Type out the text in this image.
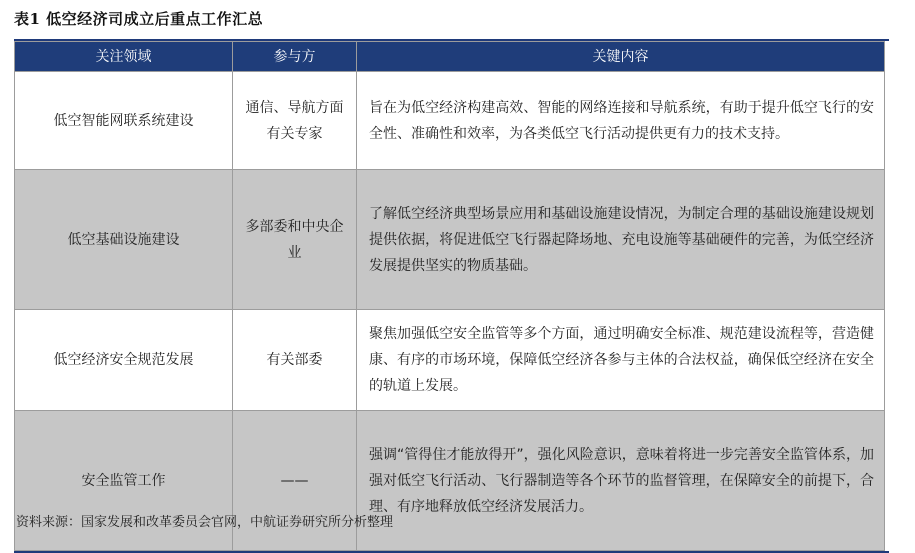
表1 低空经济司成立后重点工作汇总
关注领域	参与方	关键内容
低空智能网联系统建设	通信、导航方面有关专家	旨在为低空经济构建高效、智能的网络连接和导航系统，有助于提升低空飞行的安全性、准确性和效率，为各类低空飞行活动提供更有力的技术支持。
低空基础设施建设	多部委和中央企业	了解低空经济典型场景应用和基础设施建设情况，为制定合理的基础设施建设规划提供依据，将促进低空飞行器起降场地、充电设施等基础硬件的完善，为低空经济发展提供坚实的物质基础。
低空经济安全规范发展	有关部委	聚焦加强低空安全监管等多个方面，通过明确安全标准、规范建设流程等，营造健康、有序的市场环境，保障低空经济各参与主体的合法权益，确保低空经济在安全的轨道上发展。
安全监管工作	——	强调“管得住才能放得开”，强化风险意识，意味着将进一步完善安全监管体系，加强对低空飞行活动、飞行器制造等各个环节的监督管理，在保障安全的前提下，合理、有序地释放低空经济发展活力。
资料来源：国家发展和改革委员会官网，中航证券研究所分析整理
